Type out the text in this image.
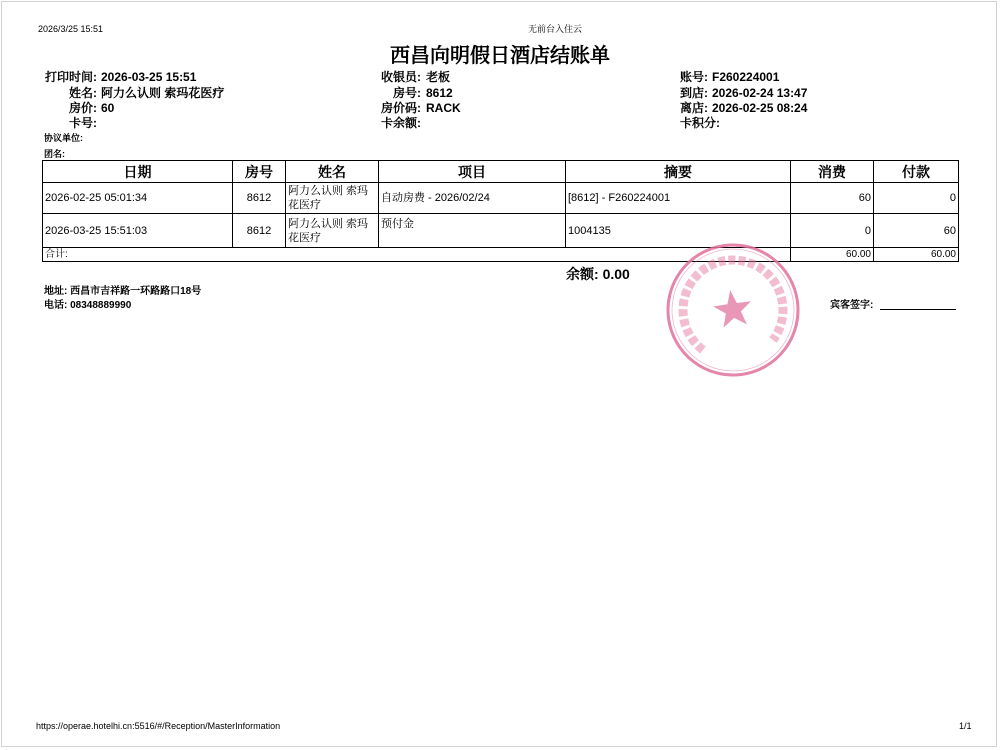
2026/3/25 15:51	无前台入住云
西昌向明假日酒店结账单
打印时间: 2026-03-25 15:51	收银员: 老板	账号: F260224001
姓名: 阿力么认则 索玛花医疗	房号: 8612	到店: 2026-02-24 13:47
房价: 60	房价码: RACK	离店: 2026-02-25 08:24
卡号:	卡余额:	卡积分:
协议单位:
团名:
日期	房号	姓名	项目	摘要	消费	付款
2026-02-25 05:01:34	8612	阿力么认则 索玛花医疗	自动房费 - 2026/02/24	[8612] - F260224001	60	0
2026-03-25 15:51:03	8612	阿力么认则 索玛花医疗	预付金	1004135	0	60
合计:					60.00	60.00
余额: 0.00
地址: 西昌市吉祥路一环路路口18号
电话: 08348889990	宾客签字:
https://operae.hotelhi.cn:5516/#/Reception/MasterInformation	1/1
